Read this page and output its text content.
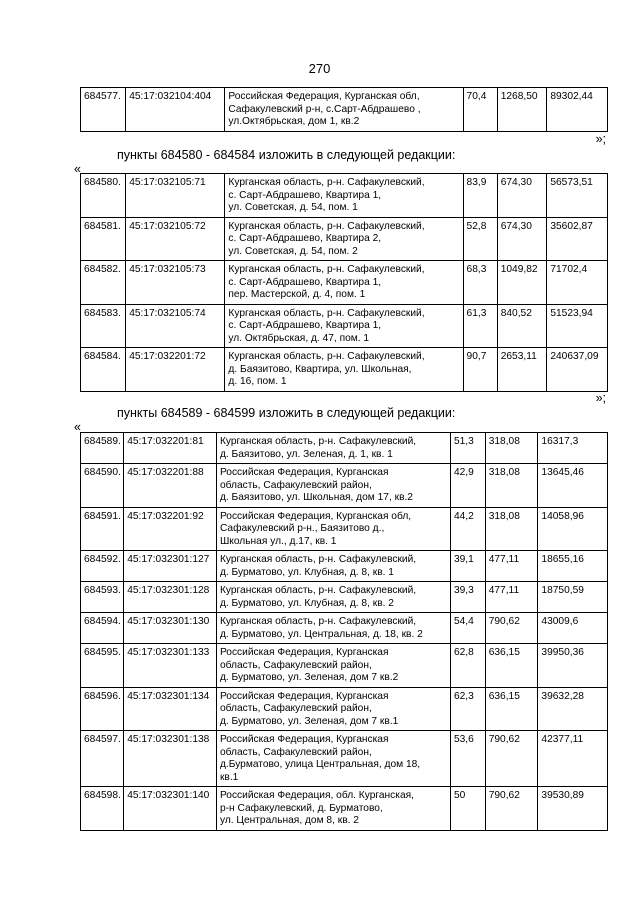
270
684577.	45:17:032104:404	Российская Федерация, Курганская обл,
Сафакулевский р-н, с.Сарт-Абдрашево ,
ул.Октябрьская, дом 1, кв.2
	70,4	1268,50	89302,44
»;
пункты 684580 - 684584 изложить в следующей редакции:
«
684580.	45:17:032105:71	Курганская область, р-н. Сафакулевский,
с. Сарт-Абдрашево, Квартира 1,
ул. Советская, д. 54, пом. 1	83,9	674,30	56573,51
684581.	45:17:032105:72	Курганская область, р-н. Сафакулевский,
с. Сарт-Абдрашево, Квартира 2,
ул. Советская, д. 54, пом. 2	52,8	674,30	35602,87
684582.	45:17:032105:73	Курганская область, р-н. Сафакулевский,
с. Сарт-Абдрашево, Квартира 1,
пер. Мастерской, д. 4, пом. 1	68,3	1049,82	71702,4
684583.	45:17:032105:74	Курганская область, р-н. Сафакулевский,
с. Сарт-Абдрашево, Квартира 1,
ул. Октябрьская, д. 47, пом. 1	61,3	840,52	51523,94
684584.	45:17:032201:72	Курганская область, р-н. Сафакулевский,
д. Баязитово, Квартира, ул. Школьная,
д. 16, пом. 1	90,7	2653,11	240637,09
»;
пункты 684589 - 684599 изложить в следующей редакции:
«
684589.	45:17:032201:81	Курганская область, р-н. Сафакулевский,
д. Баязитово, ул. Зеленая, д. 1, кв. 1	51,3	318,08	16317,3
684590.	45:17:032201:88	Российская Федерация, Курганская
область, Сафакулевский район,
д. Баязитово, ул. Школьная, дом 17, кв.2	42,9	318,08	13645,46
684591.	45:17:032201:92	Российская Федерация, Курганская обл,
Сафакулевский р-н., Баязитово д.,
Школьная ул., д.17, кв. 1	44,2	318,08	14058,96
684592.	45:17:032301:127	Курганская область, р-н. Сафакулевский,
д. Бурматово, ул. Клубная, д. 8, кв. 1	39,1	477,11	18655,16
684593.	45:17:032301:128	Курганская область, р-н. Сафакулевский,
д. Бурматово, ул. Клубная, д. 8, кв. 2	39,3	477,11	18750,59
684594.	45:17:032301:130	Курганская область, р-н. Сафакулевский,
д. Бурматово, ул. Центральная, д. 18, кв. 2	54,4	790,62	43009,6
684595.	45:17:032301:133	Российская Федерация, Курганская
область, Сафакулевский район,
д. Бурматово, ул. Зеленая, дом 7 кв.2	62,8	636,15	39950,36
684596.	45:17:032301:134	Российская Федерация, Курганская
область, Сафакулевский район,
д. Бурматово, ул. Зеленая, дом 7 кв.1	62,3	636,15	39632,28
684597.	45:17:032301:138	Российская Федерация, Курганская
область, Сафакулевский район,
д.Бурматово, улица Центральная, дом 18,
кв.1	53,6	790,62	42377,11
684598.	45:17:032301:140	Российская Федерация, обл. Курганская,
р-н Сафакулевский, д. Бурматово,
ул. Центральная, дом 8, кв. 2	50	790,62	39530,89
